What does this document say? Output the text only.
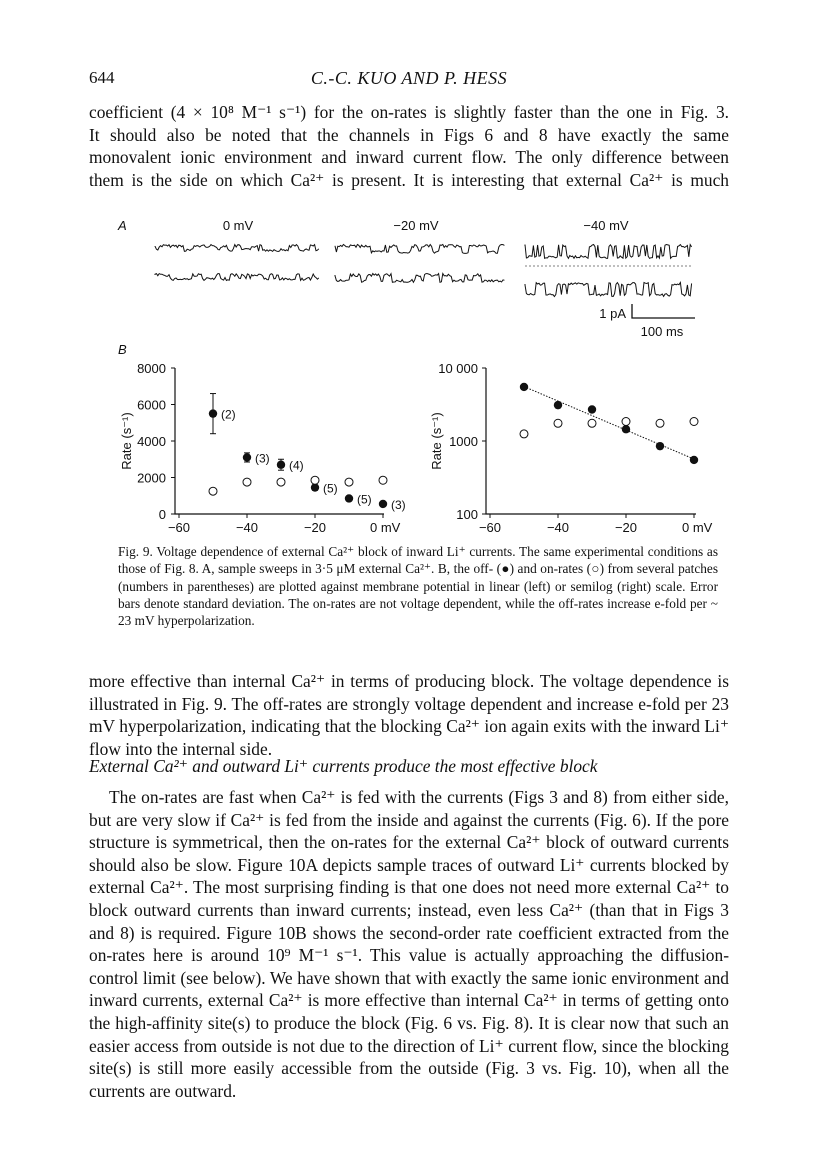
644	C.-C. KUO AND P. HESS

coefficient (4 × 10⁸ M⁻¹ s⁻¹) for the on-rates is slightly faster than the one in Fig. 3.

It should also be noted that the channels in Figs 6 and 8 have exactly the same

monovalent ionic environment and inward current flow. The only difference between

them is the side on which Ca²⁺ is present. It is interesting that external Ca²⁺ is much

A	0 mV	−20 mV	−40 mV
1 pA
100 ms
B
8000
6000
4000
2000
0
−60	−40	−20	0 mV
Rate (s⁻¹)	(2)
(3)
(4)
(5)
(5) (3)
10 000
1000
100
−60	−40	−20	0 mV
Rate (s⁻¹)
Fig. 9. Voltage dependence of external Ca²⁺ block of inward Li⁺ currents. The same experimental conditions as those of Fig. 8. A, sample sweeps in 3·5 μM external Ca²⁺. B, the off- (●) and on-rates (○) from several patches (numbers in parentheses) are plotted against membrane potential in linear (left) or semilog (right) scale. Error bars denote standard deviation. The on-rates are not voltage dependent, while the off-rates increase e-fold per ~ 23 mV hyperpolarization.

more effective than internal Ca²⁺ in terms of producing block. The voltage dependence is illustrated in Fig. 9. The off-rates are strongly voltage dependent and increase e-fold per 23 mV hyperpolarization, indicating that the blocking Ca²⁺ ion again exits with the inward Li⁺ flow into the internal side.

External Ca²⁺ and outward Li⁺ currents produce the most effective block

The on-rates are fast when Ca²⁺ is fed with the currents (Figs 3 and 8) from either side, but are very slow if Ca²⁺ is fed from the inside and against the currents (Fig. 6). If the pore structure is symmetrical, then the on-rates for the external Ca²⁺ block of outward currents should also be slow. Figure 10A depicts sample traces of outward Li⁺ currents blocked by external Ca²⁺. The most surprising finding is that one does not need more external Ca²⁺ to block outward currents than inward currents; instead, even less Ca²⁺ (than that in Figs 3 and 8) is required. Figure 10B shows the second-order rate coefficient extracted from the on-rates here is around 10⁹ M⁻¹ s⁻¹. This value is actually approaching the diffusion-control limit (see below). We have shown that with exactly the same ionic environment and inward currents, external Ca²⁺ is more effective than internal Ca²⁺ in terms of getting onto the high-affinity site(s) to produce the block (Fig. 6 vs. Fig. 8). It is clear now that such an easier access from outside is not due to the direction of Li⁺ current flow, since the blocking site(s) is still more easily accessible from the outside (Fig. 3 vs. Fig. 10), when all the currents are outward.
